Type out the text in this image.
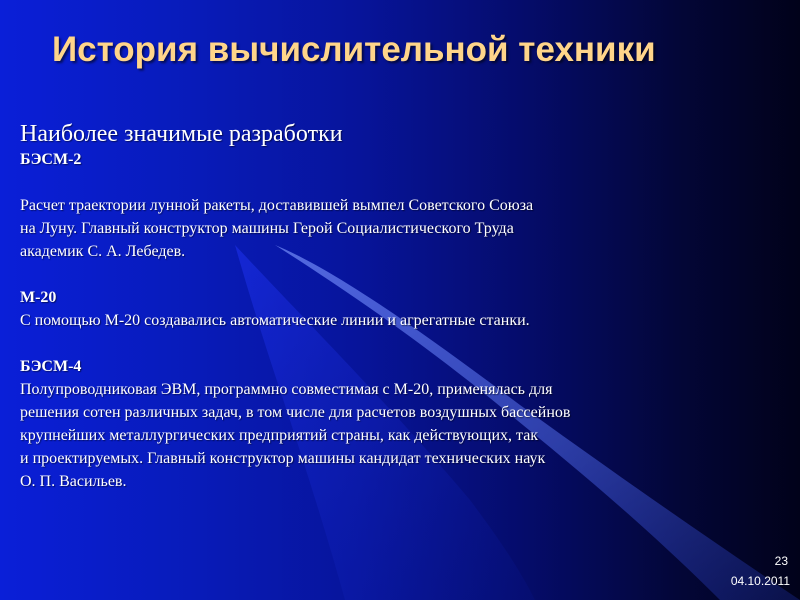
История вычислительной техники
Наиболее значимые разработки
БЭСМ-2
Расчет траектории лунной ракеты, доставившей вымпел Советского Союза
на Луну. Главный конструктор машины Герой Социалистического Труда
академик С. А. Лебедев.
М-20
С помощью М-20 создавались автоматические линии и агрегатные станки.
БЭСМ-4
Полупроводниковая ЭВМ, программно совместимая с М-20, применялась для
решения сотен различных задач, в том числе для расчетов воздушных бассейнов
крупнейших металлургических предприятий страны, как действующих, так
и проектируемых. Главный конструктор машины кандидат технических наук
О. П. Васильев.
23
04.10.2011
